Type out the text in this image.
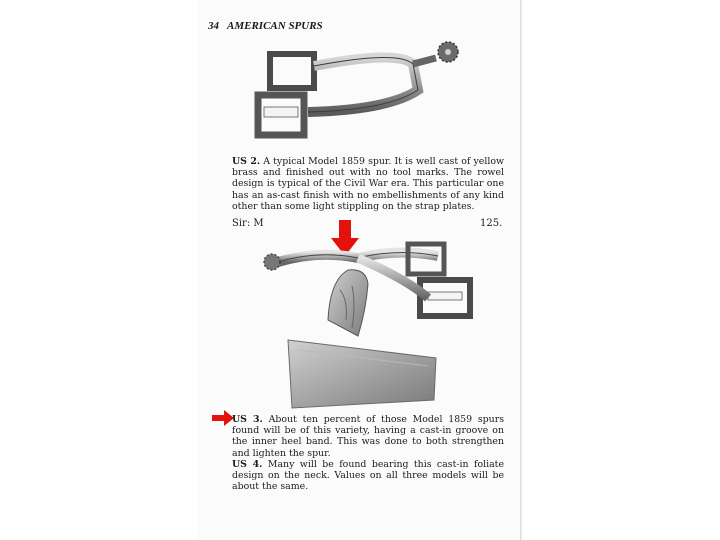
34 AMERICAN SPURS

US 2. A typical Model 1859 spur. It is well cast of yellow brass and finished out with no tool marks. The rowel design is typical of the Civil War era. This particular one has an as-cast finish with no embellishments of any kind other than some light stippling on the strap plates.

Sir: M	125.

US 3. About ten percent of those Model 1859 spurs found will be of this variety, having a cast-in groove on the inner heel band. This was done to both strengthen and lighten the spur.

US 4. Many will be found bearing this cast-in foliate design on the neck. Values on all three models will be about the same.
